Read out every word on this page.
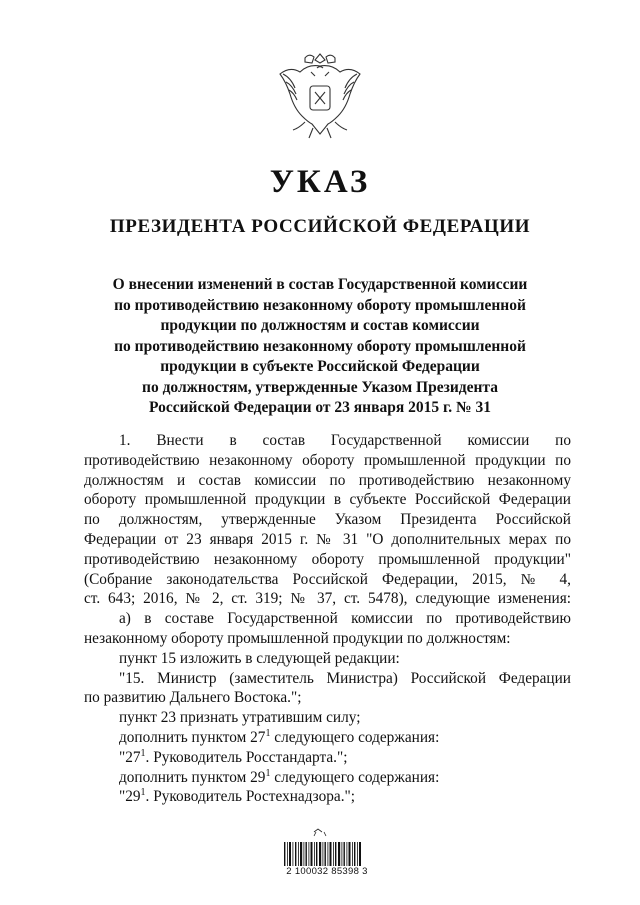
УКАЗ
ПРЕЗИДЕНТА РОССИЙСКОЙ ФЕДЕРАЦИИ
О внесении изменений в состав Государственной комиссии
по противодействию незаконному обороту промышленной
продукции по должностям и состав комиссии
по противодействию незаконному обороту промышленной
продукции в субъекте Российской Федерации
по должностям, утвержденные Указом Президента
Российской Федерации от 23 января 2015 г. № 31
1. Внести в состав Государственной комиссии по
противодействию незаконному обороту промышленной продукции по
должностям и состав комиссии по противодействию незаконному
обороту промышленной продукции в субъекте Российской Федерации
по должностям, утвержденные Указом Президента Российской
Федерации от 23 января 2015 г. № 31 "О дополнительных мерах по
противодействию незаконному обороту промышленной продукции"
(Собрание законодательства Российской Федерации, 2015, № 4,
ст. 643; 2016, № 2, ст. 319; № 37, ст. 5478), следующие изменения:
а) в составе Государственной комиссии по противодействию
незаконному обороту промышленной продукции по должностям:
пункт 15 изложить в следующей редакции:
"15. Министр (заместитель Министра) Российской Федерации
по развитию Дальнего Востока.";
пункт 23 признать утратившим силу;
дополнить пунктом $27^1$ следующего содержания:
"$27^1$. Руководитель Росстандарта.";
дополнить пунктом $29^1$ следующего содержания:
"$29^1$. Руководитель Ростехнадзора.";
2 100032 85398 3
